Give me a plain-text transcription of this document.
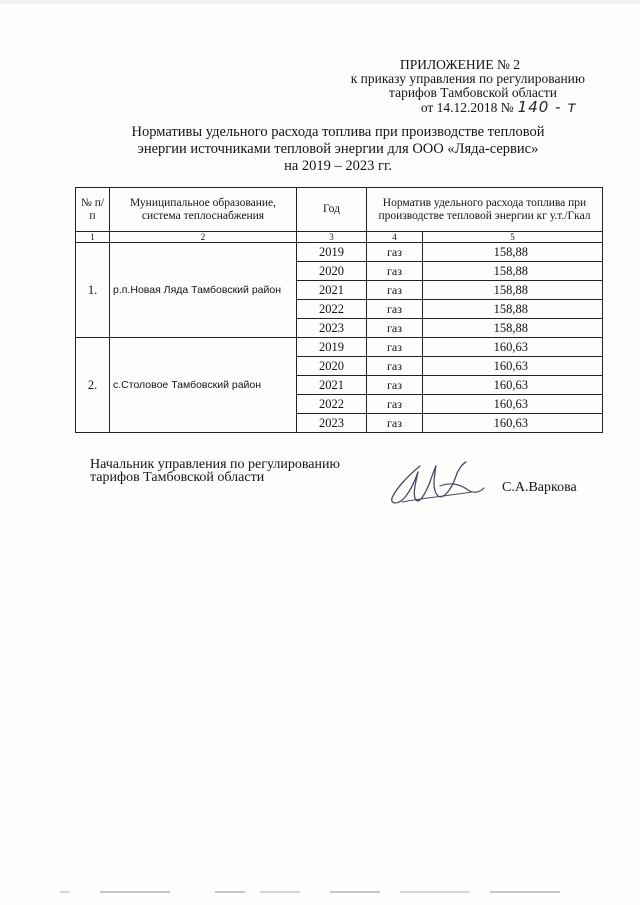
ПРИЛОЖЕНИЕ № 2
к приказу управления по регулированию
тарифов Тамбовской области
от 14.12.2018 № 140 - т
Нормативы удельного расхода топлива при производстве тепловой
энергии источниками тепловой энергии для ООО «Ляда-сервис»
на 2019 – 2023 гг.
№ п/п	Муниципальное образование, система теплоснабжения	Год	Норматив удельного расхода топлива при производстве тепловой энергии кг у.т./Гкал	
1	2	3	4	5
1.	р.п.Новая Ляда Тамбовский район	2019	газ	158,88
		2020	газ	158,88
		2021	газ	158,88
		2022	газ	158,88
		2023	газ	158,88
2.	с.Столовое Тамбовский район	2019	газ	160,63
		2020	газ	160,63
		2021	газ	160,63
		2022	газ	160,63
		2023	газ	160,63
Начальник управления по регулированию
тарифов Тамбовской области
С.А.Варкова
